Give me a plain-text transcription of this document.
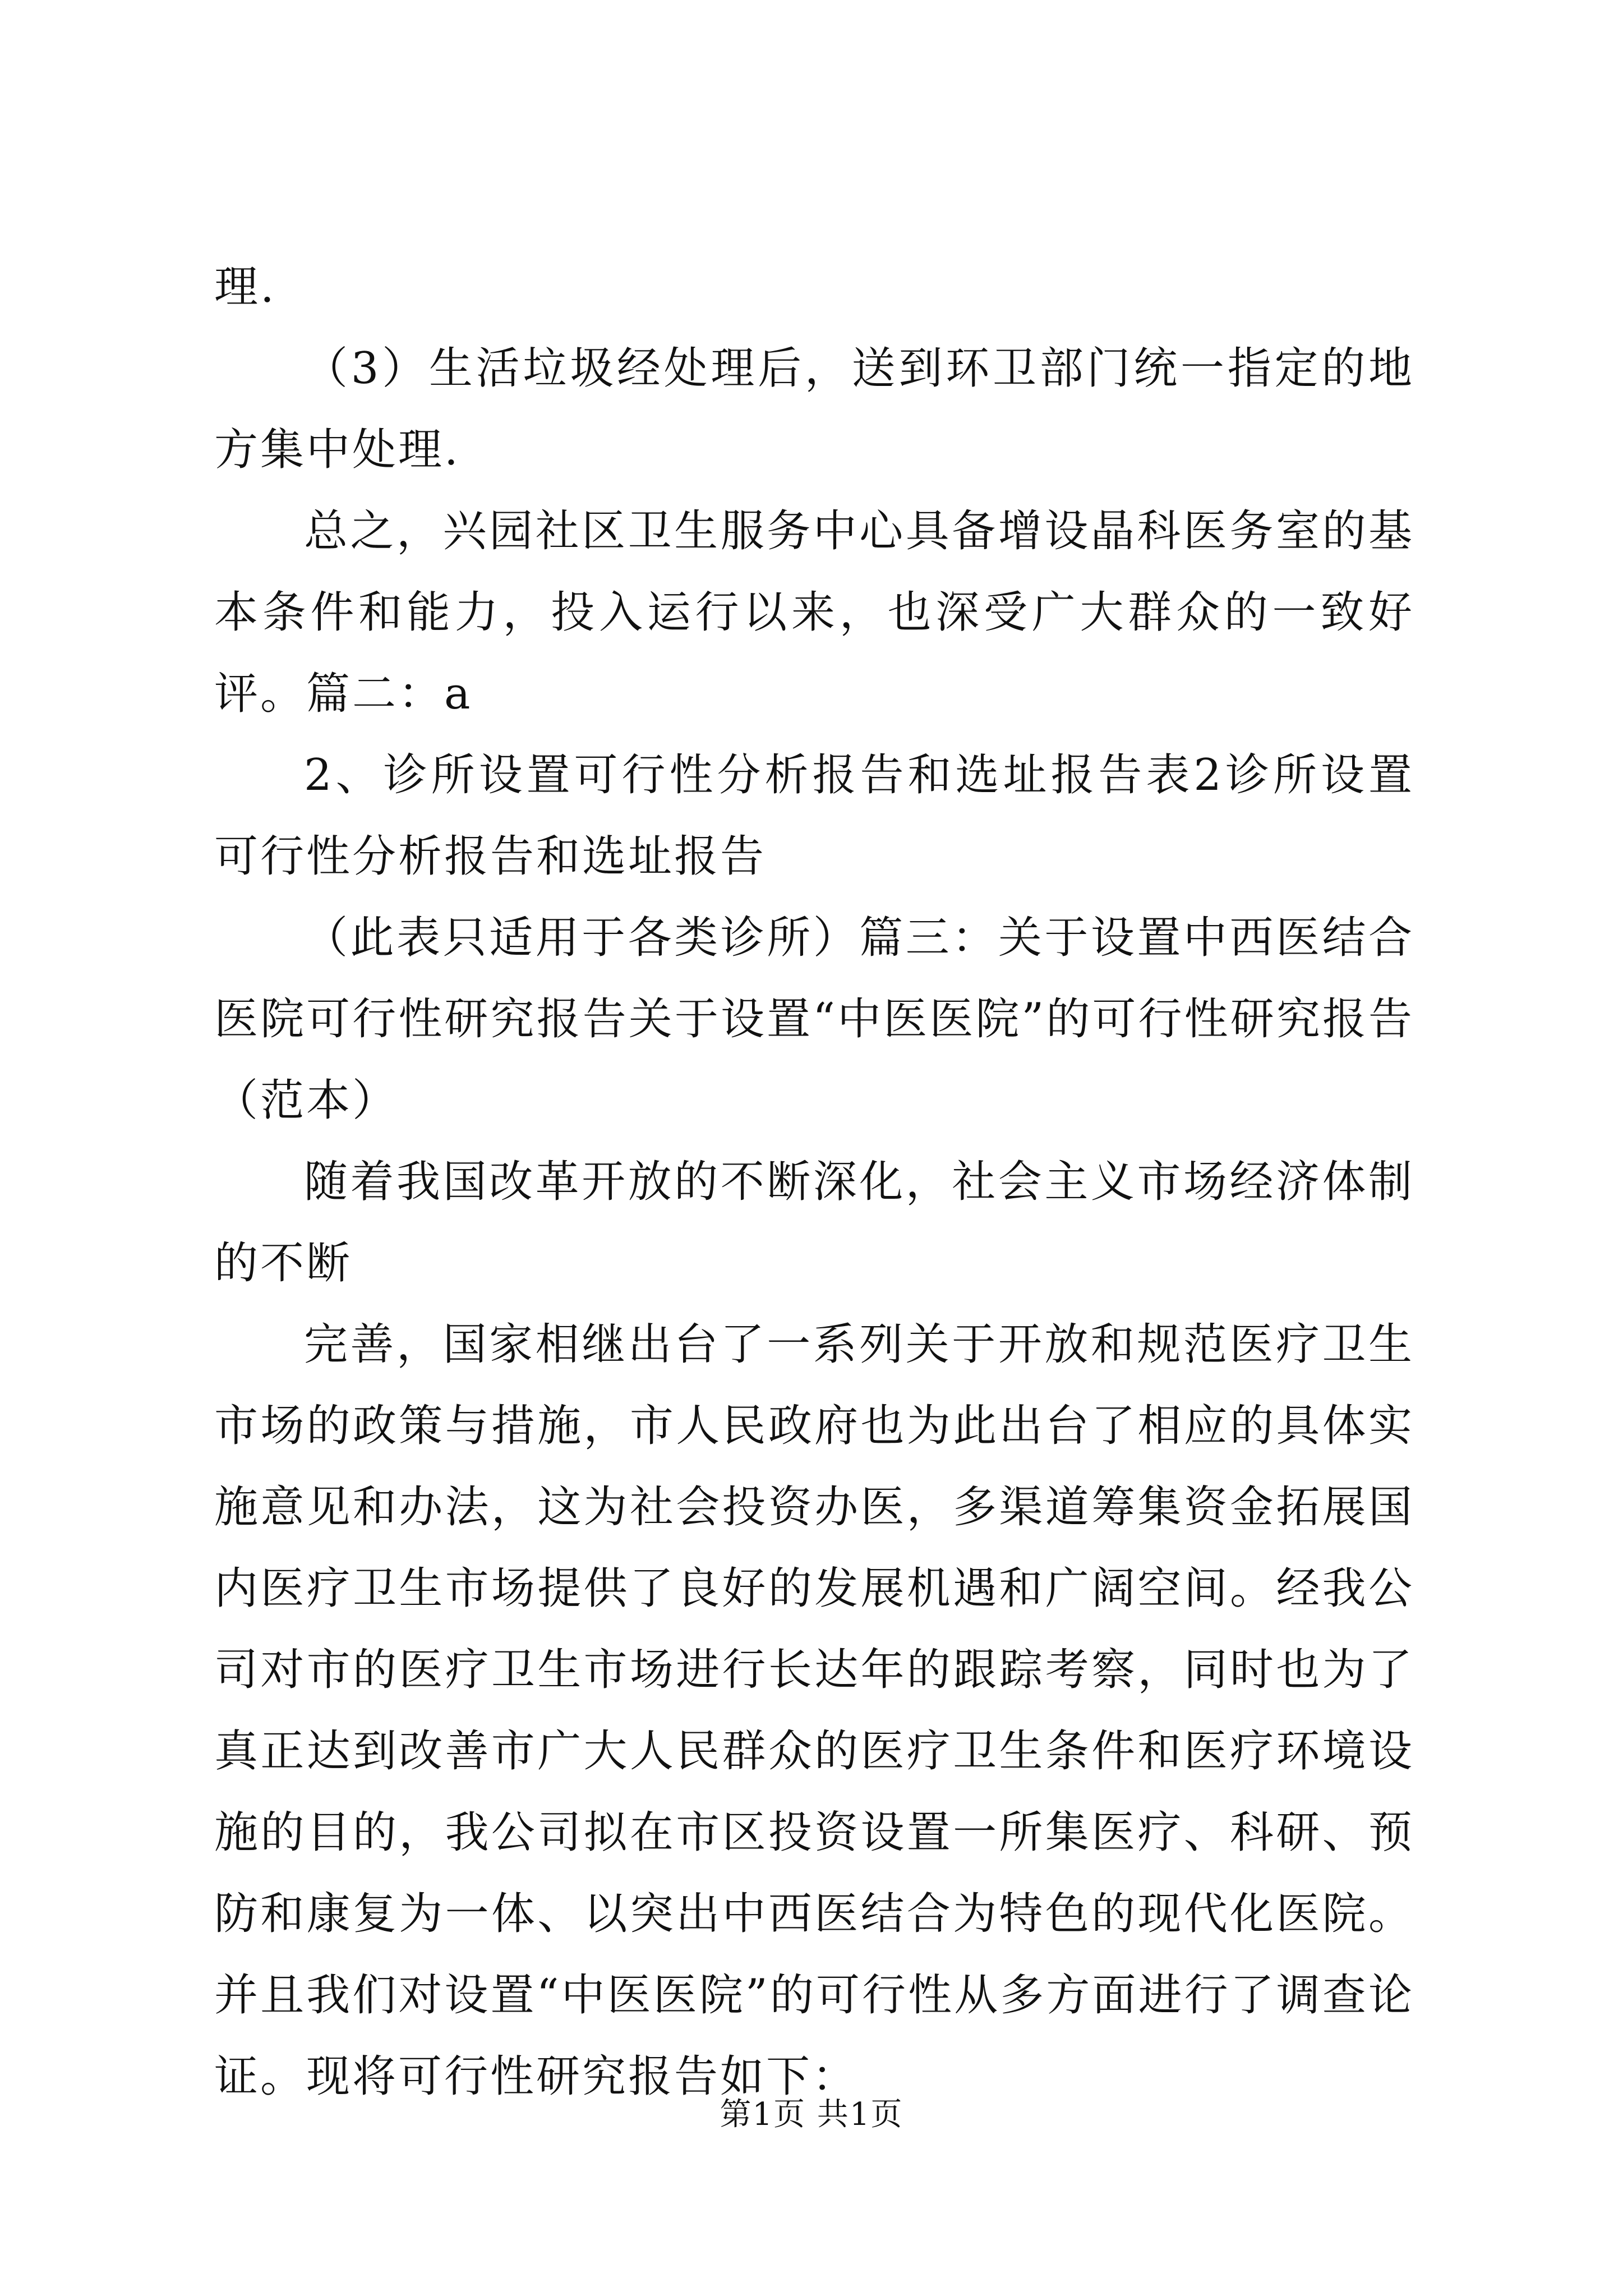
理.

（3）生活垃圾经处理后，送到环卫部门统一指定的地方集中处理.

总之，兴园社区卫生服务中心具备增设晶科医务室的基本条件和能力，投入运行以来，也深受广大群众的一致好评。篇二：a

2、诊所设置可行性分析报告和选址报告表2诊所设置可行性分析报告和选址报告

（此表只适用于各类诊所）篇三：关于设置中西医结合医院可行性研究报告关于设置“中医医院”的可行性研究报告（范本）

随着我国改革开放的不断深化，社会主义市场经济体制的不断

完善，国家相继出台了一系列关于开放和规范医疗卫生市场的政策与措施，市人民政府也为此出台了相应的具体实施意见和办法，这为社会投资办医，多渠道筹集资金拓展国内医疗卫生市场提供了良好的发展机遇和广阔空间。经我公司对市的医疗卫生市场进行长达年的跟踪考察，同时也为了真正达到改善市广大人民群众的医疗卫生条件和医疗环境设施的目的，我公司拟在市区投资设置一所集医疗、科研、预防和康复为一体、以突出中西医结合为特色的现代化医院。并且我们对设置“中医医院”的可行性从多方面进行了调查论证。现将可行性研究报告如下：

第1页 共1页
